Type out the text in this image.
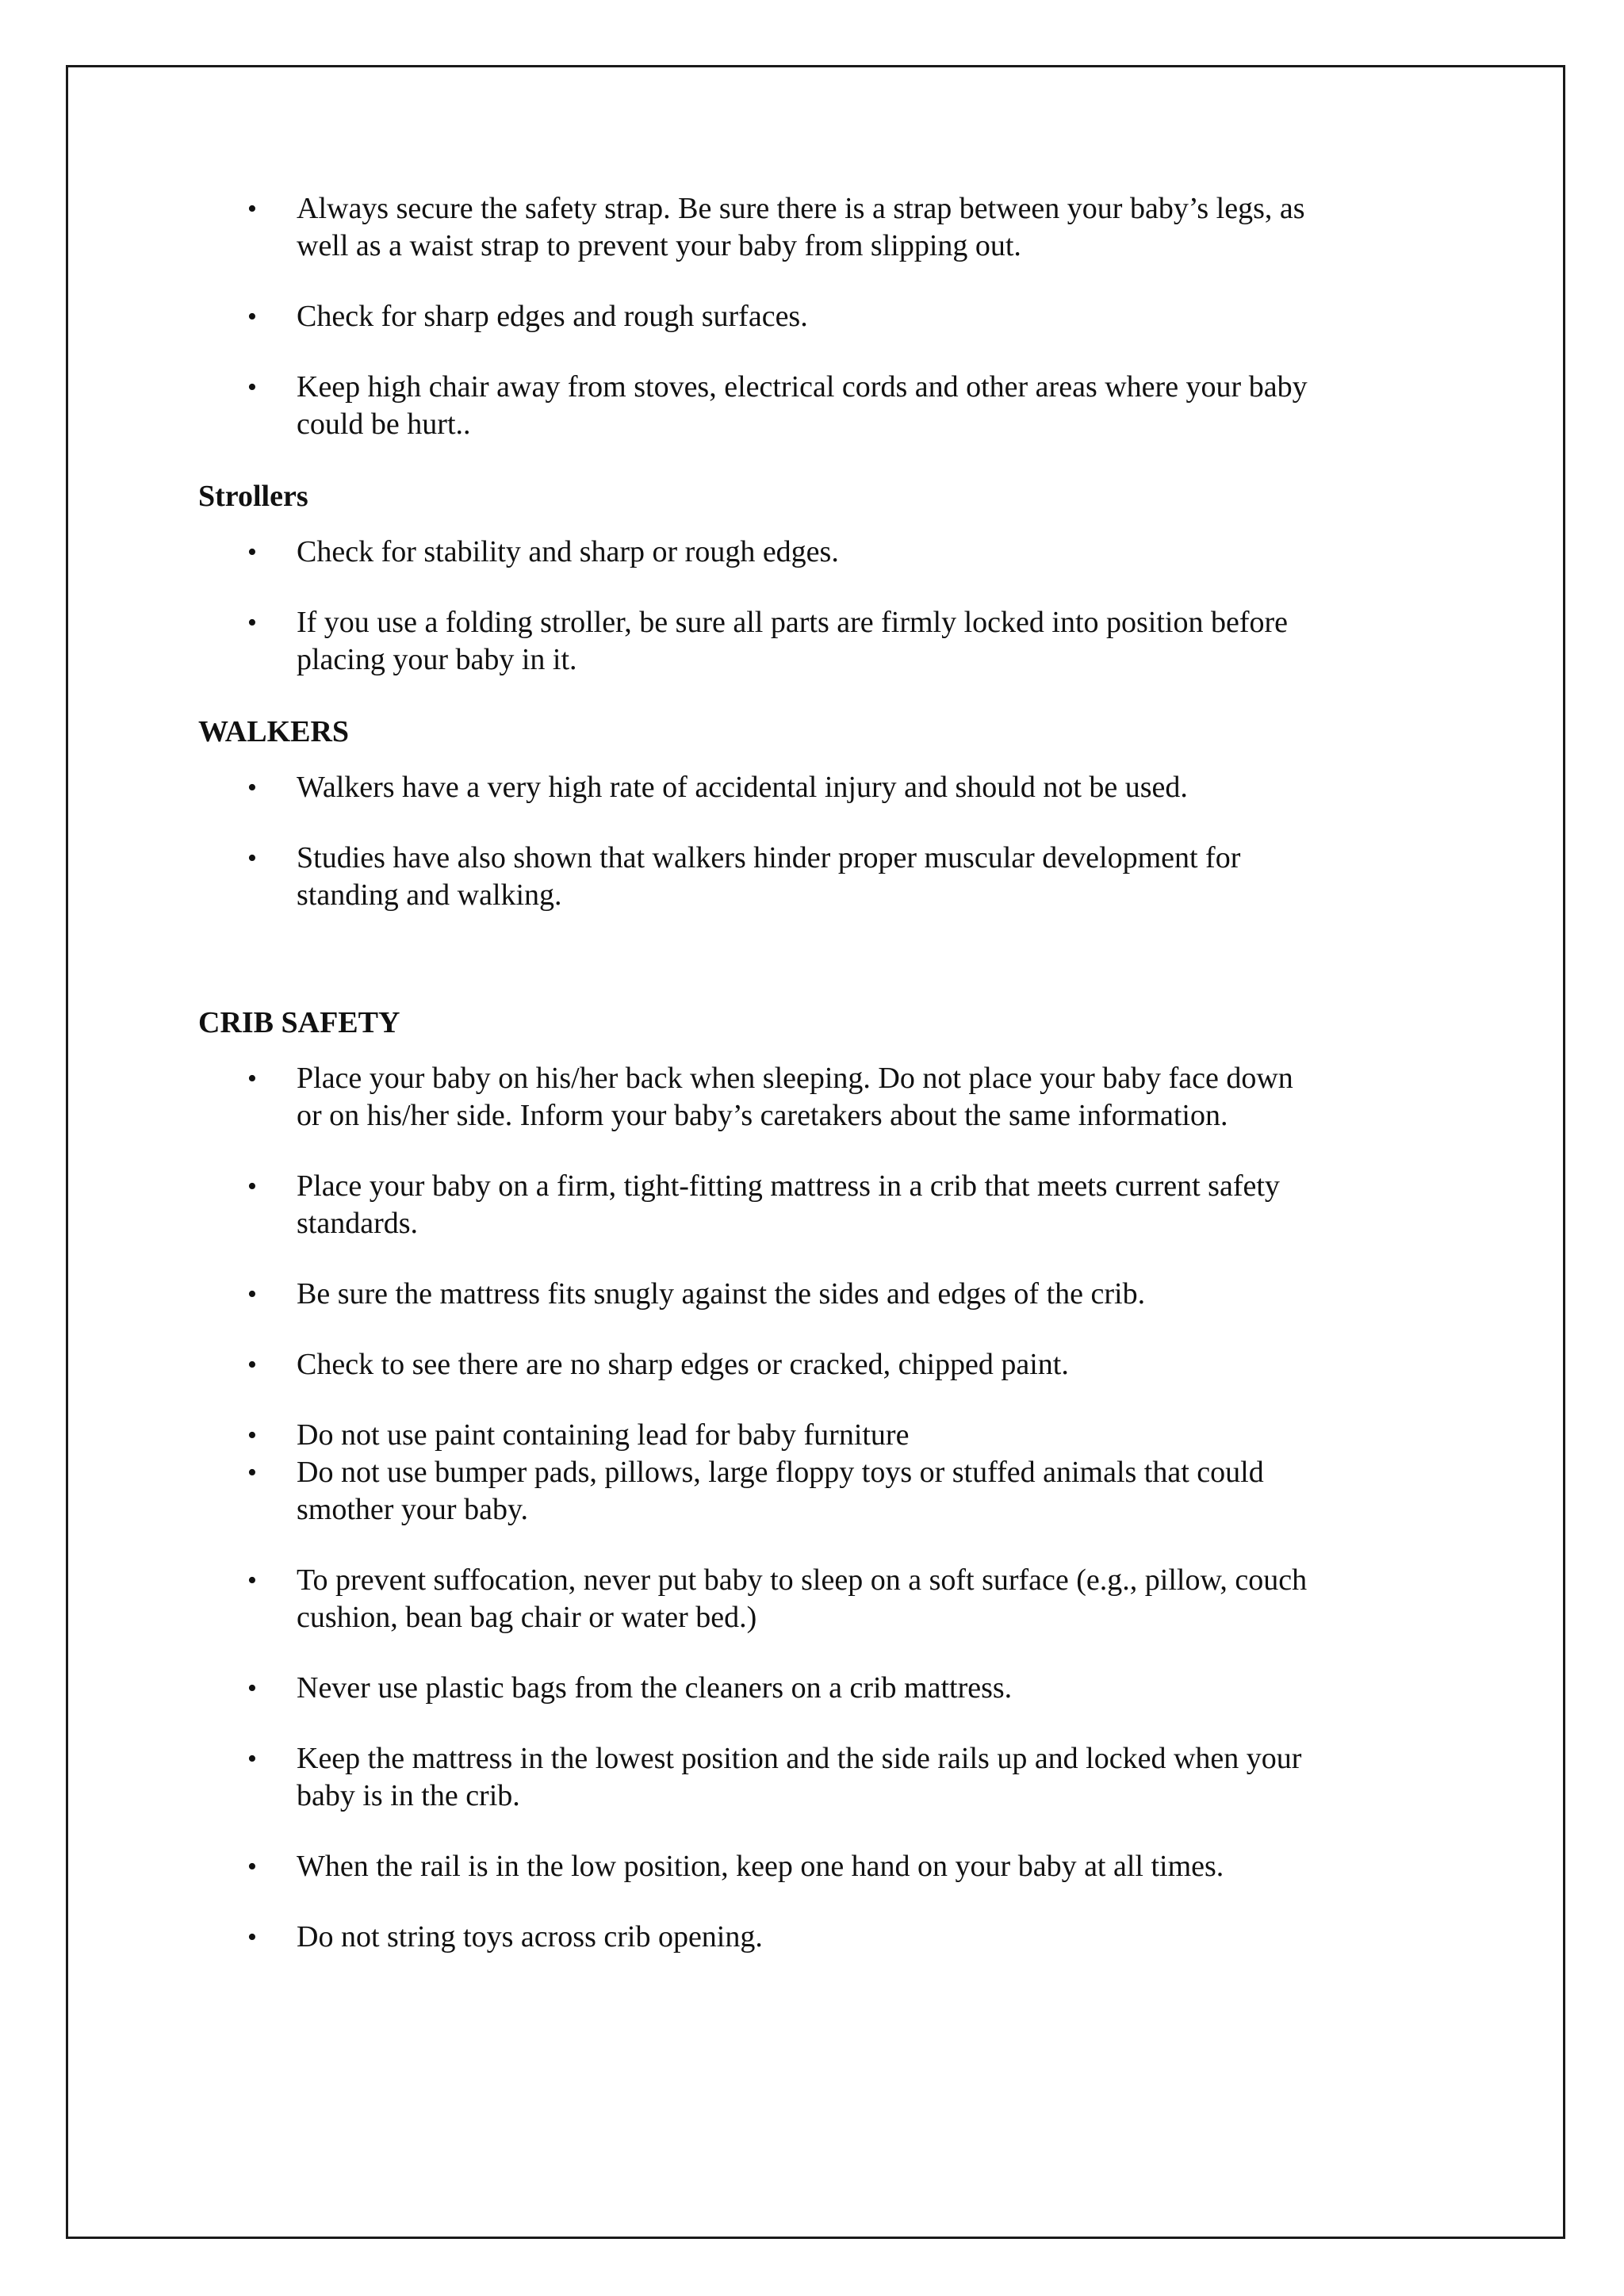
• Always secure the safety strap. Be sure there is a strap between your baby’s legs, as well as a waist strap to prevent your baby from slipping out.
• Check for sharp edges and rough surfaces.
• Keep high chair away from stoves, electrical cords and other areas where your baby could be hurt..
Strollers
• Check for stability and sharp or rough edges.
• If you use a folding stroller, be sure all parts are firmly locked into position before placing your baby in it.
WALKERS
• Walkers have a very high rate of accidental injury and should not be used.
• Studies have also shown that walkers hinder proper muscular development for standing and walking.
CRIB SAFETY
• Place your baby on his/her back when sleeping. Do not place your baby face down or on his/her side. Inform your baby’s caretakers about the same information.
• Place your baby on a firm, tight-fitting mattress in a crib that meets current safety standards.
• Be sure the mattress fits snugly against the sides and edges of the crib.
• Check to see there are no sharp edges or cracked, chipped paint.
• Do not use paint containing lead for baby furniture
• Do not use bumper pads, pillows, large floppy toys or stuffed animals that could smother your baby.
• To prevent suffocation, never put baby to sleep on a soft surface (e.g., pillow, couch cushion, bean bag chair or water bed.)
• Never use plastic bags from the cleaners on a crib mattress.
• Keep the mattress in the lowest position and the side rails up and locked when your baby is in the crib.
• When the rail is in the low position, keep one hand on your baby at all times.
• Do not string toys across crib opening.
